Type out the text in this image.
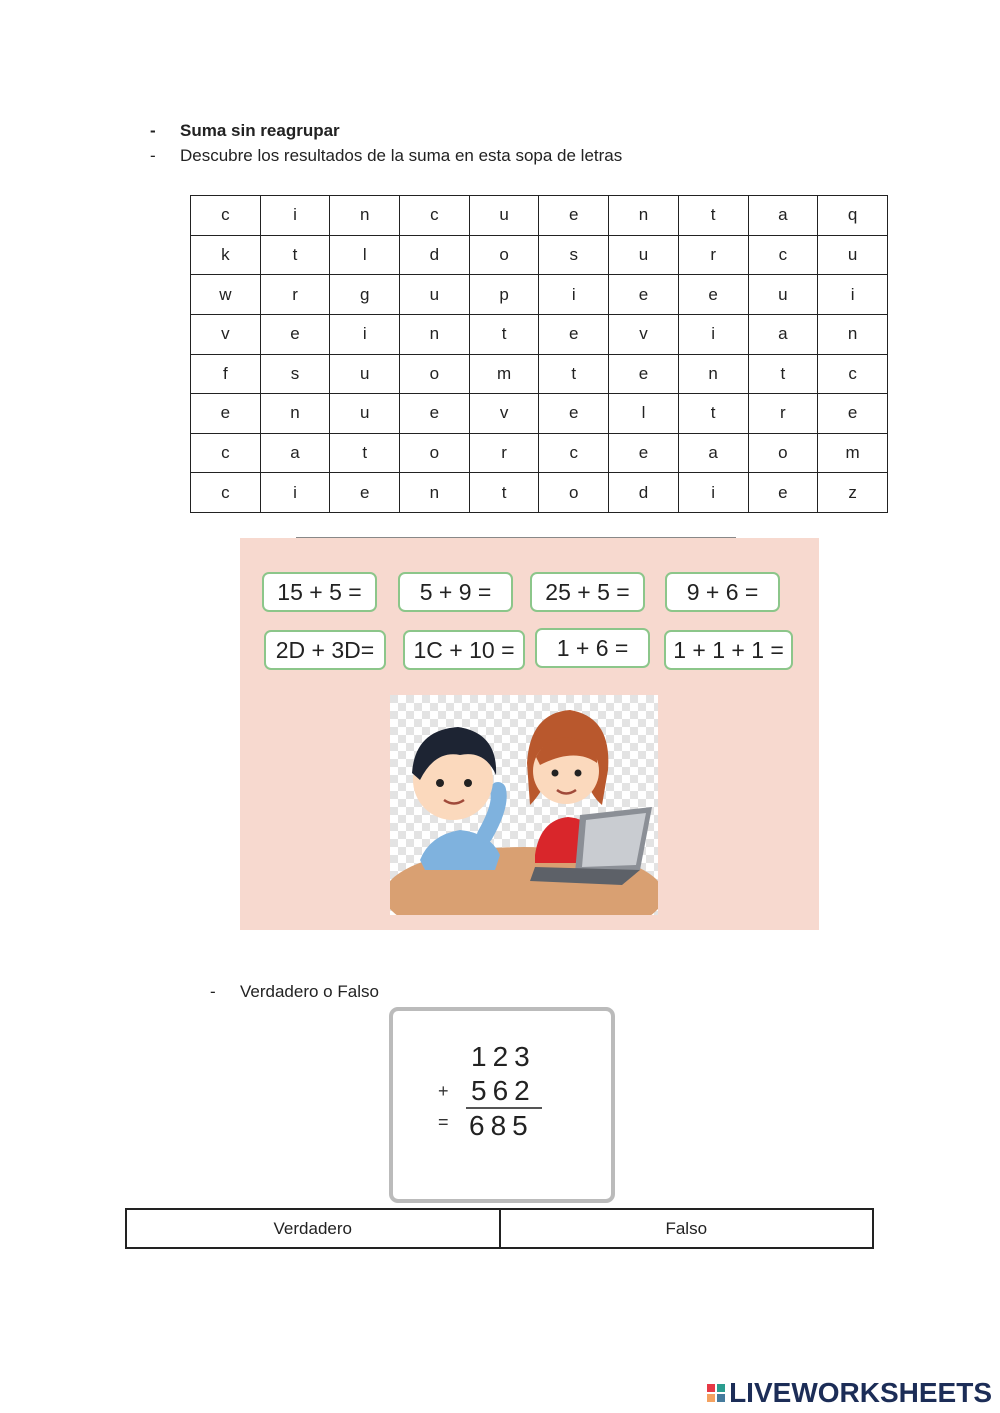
-	Suma sin reagrupar
-	Descubre los resultados de la suma en esta sopa de letras
c	i	n	c	u	e	n	t	a	q
k	t	l	d	o	s	u	r	c	u
w	r	g	u	p	i	e	e	u	i
v	e	i	n	t	e	v	i	a	n
f	s	u	o	m	t	e	n	t	c
e	n	u	e	v	e	l	t	r	e
c	a	t	o	r	c	e	a	o	m
c	i	e	n	t	o	d	i	e	z
15 + 5 =	5 + 9 =	25 + 5 =	9 + 6 =
2D + 3D=	1C + 10 =	1 + 6 =	1 + 1 + 1 =
-	Verdadero o Falso
123
+ 562
= 685
Verdadero	Falso
LIVEWORKSHEETS
